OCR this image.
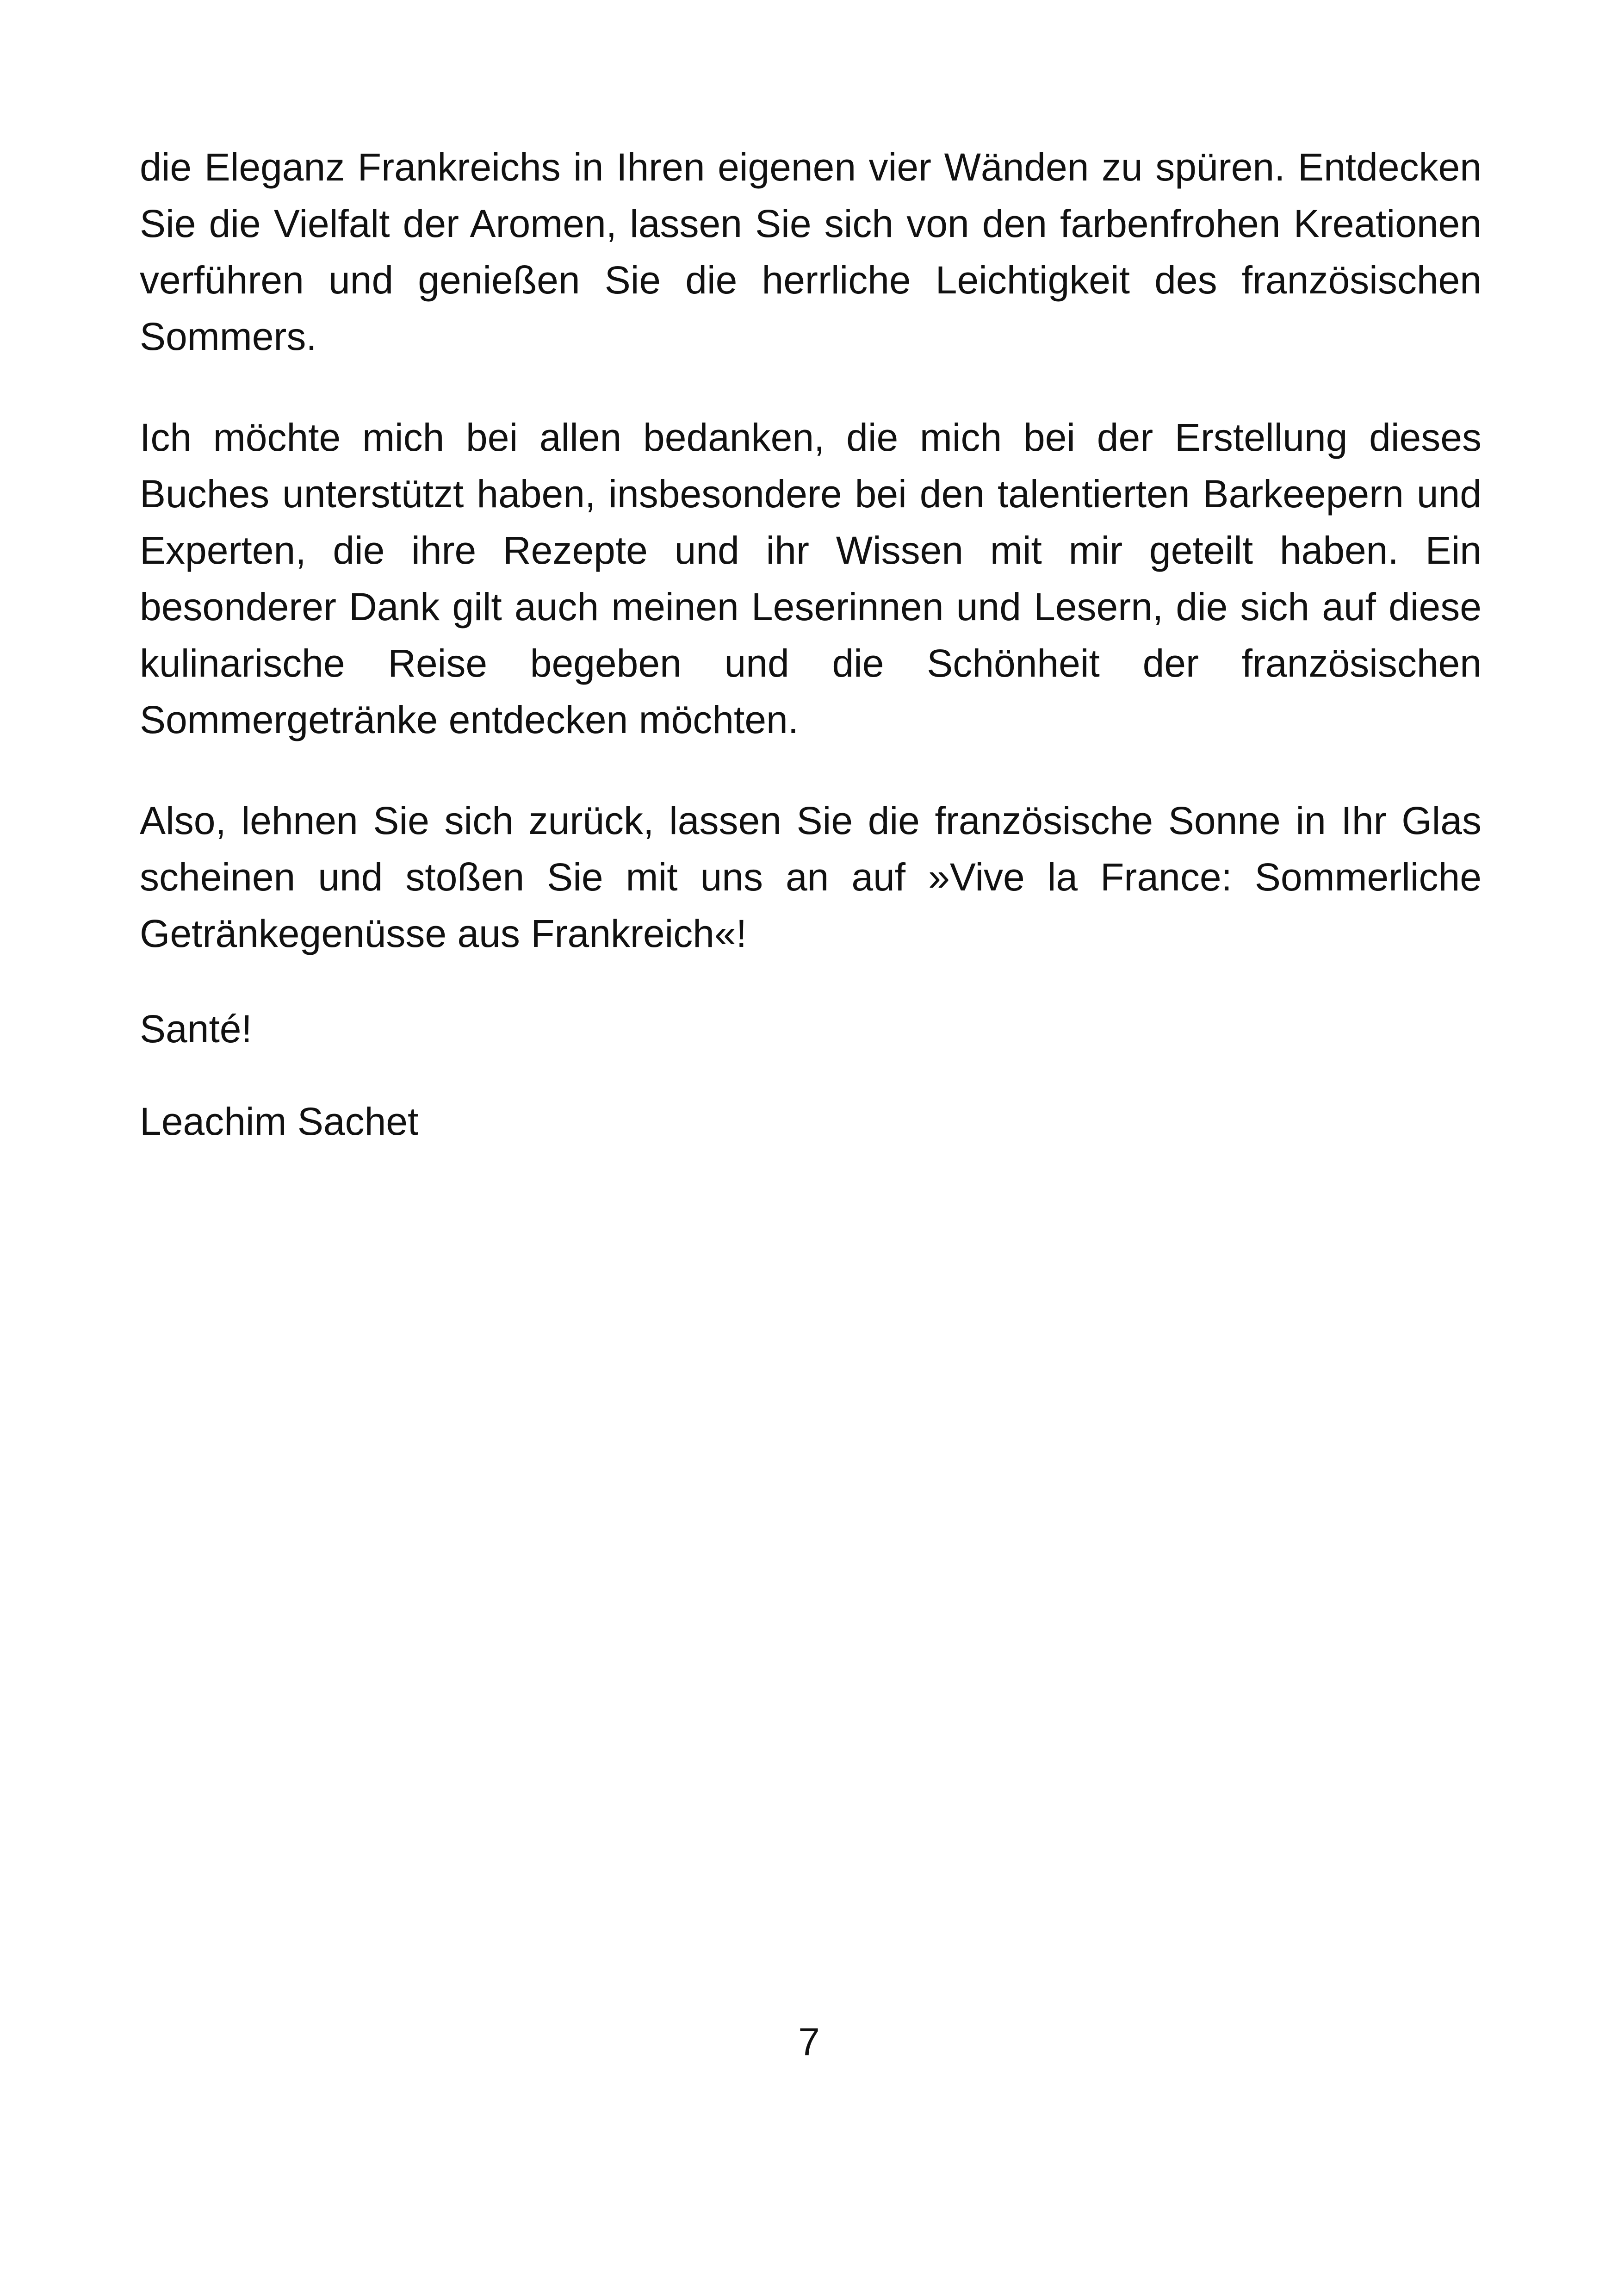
die Eleganz Frankreichs in Ihren eigenen vier Wänden zu spüren. Entdecken Sie die Vielfalt der Aromen, lassen Sie sich von den farbenfrohen Kreationen verführen und genießen Sie die herrliche Leichtigkeit des französischen Sommers.

Ich möchte mich bei allen bedanken, die mich bei der Erstellung dieses Buches unterstützt haben, insbesondere bei den talentierten Barkeepern und Experten, die ihre Rezepte und ihr Wissen mit mir geteilt haben. Ein besonderer Dank gilt auch meinen Leserinnen und Lesern, die sich auf diese kulinarische Reise begeben und die Schönheit der französischen Sommergetränke entdecken möchten.

Also, lehnen Sie sich zurück, lassen Sie die französische Sonne in Ihr Glas scheinen und stoßen Sie mit uns an auf »Vive la France: Sommerliche Getränkegenüsse aus Frankreich«!

Santé!

Leachim Sachet

7
